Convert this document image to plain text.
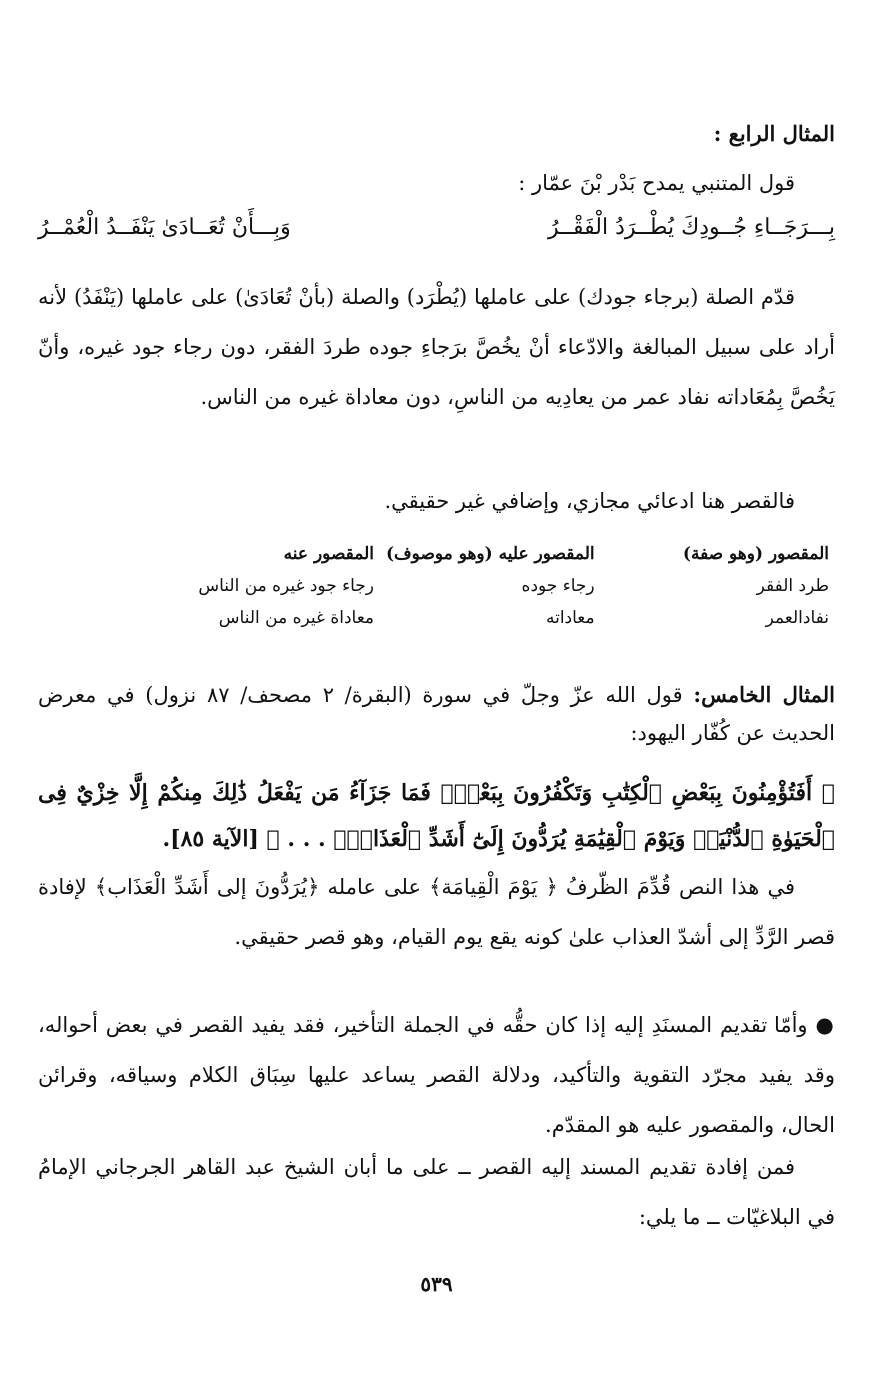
المثال الرابع :
قول المتنبي يمدح بَدْر بْنَ عمّار :
بِـــرَجَــاءِ جُــودِكَ يُطْــرَدُ الْفَقْــرُ
وَبِـــأَنْ تُعَــادَىٰ يَنْفَــدُ الْعُمْــرُ
قدّم الصلة (برجاء جودك) على عاملها (يُطْرَد) والصلة (بأنْ تُعَادَىٰ) على عاملها (يَنْفَدُ) لأنه أراد على سبيل المبالغة والادّعاء أنْ يخُصَّ برَجاءِ جوده طردَ الفقر، دون رجاء جود غيره، وأنّ يَخُصَّ بِمُعَاداته نفاد عمر من يعادِيه من الناسِ، دون معاداة غيره من الناس.
فالقصر هنا ادعائي مجازي، وإضافي غير حقيقي.
المقصور (وهو صفة)	المقصور عليه (وهو موصوف)	المقصور عنه
طرد الفقر	رجاء جوده	رجاء جود غيره من الناس
نفادالعمر	معاداته	معاداة غيره من الناس
المثال الخامس: قول الله عزّ وجلّ في سورة (البقرة/ ٢ مصحف/ ٨٧ نزول) في معرض الحديث عن كُفّار اليهود:
﴿ أَفَتُؤْمِنُونَ بِبَعْضِ ٱلْكِتَٰبِ وَتَكْفُرُونَ بِبَعْضٍۚ فَمَا جَزَآءُ مَن يَفْعَلُ ذَٰلِكَ مِنكُمْ إِلَّا خِزْيٌ فِى ٱلْحَيَوٰةِ ٱلدُّنْيَاۖ وَيَوْمَ ٱلْقِيَٰمَةِ يُرَدُّونَ إِلَىٰٓ أَشَدِّ ٱلْعَذَابِۗ . . . ﴾ [الآية ٨٥].
في هذا النص قُدِّمَ الظّرفُ ﴿ يَوْمَ الْقِيامَة﴾ على عامله ﴿يُرَدُّونَ إلى أَشَدِّ الْعَذَاب﴾ لإفادة قصر الرَّدِّ إلى أشدّ العذاب علىٰ كونه يقع يوم القيام، وهو قصر حقيقي.
● وأمّا تقديم المسنَدِ إليه إذا كان حقُّه في الجملة التأخير، فقد يفيد القصر في بعض أحواله، وقد يفيد مجرّد التقوية والتأكيد، ودلالة القصر يساعد عليها سِبَاق الكلام وسياقه، وقرائن الحال، والمقصور عليه هو المقدّم.
فمن إفادة تقديم المسند إليه القصر ــ على ما أبان الشيخ عبد القاهر الجرجاني الإمامُ في البلاغيّات ــ ما يلي:
٥٣٩
